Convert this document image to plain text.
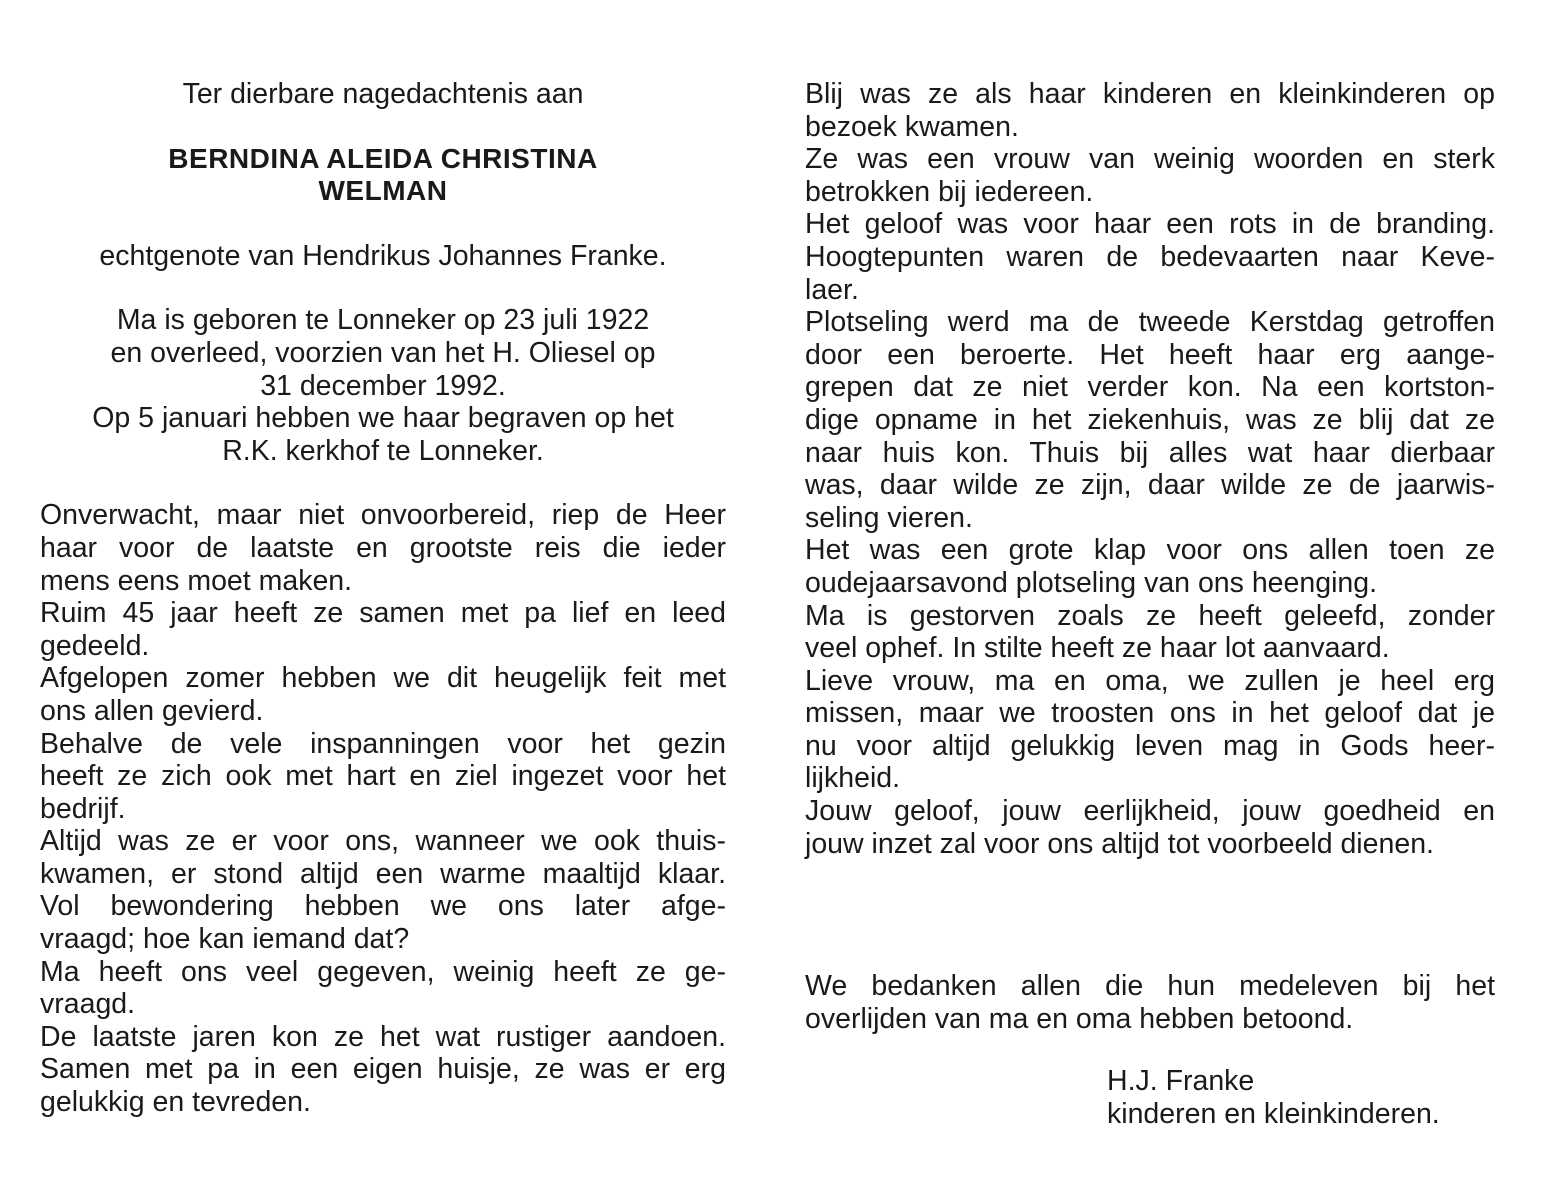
Ter dierbare nagedachtenis aan
BERNDINA ALEIDA CHRISTINA
WELMAN
echtgenote van Hendrikus Johannes Franke.
Ma is geboren te Lonneker op 23 juli 1922
en overleed, voorzien van het H. Oliesel op
31 december 1992.
Op 5 januari hebben we haar begraven op het
R.K. kerkhof te Lonneker.
Onverwacht, maar niet onvoorbereid, riep de Heer
haar voor de laatste en grootste reis die ieder
mens eens moet maken.
Ruim 45 jaar heeft ze samen met pa lief en leed
gedeeld.
Afgelopen zomer hebben we dit heugelijk feit met
ons allen gevierd.
Behalve de vele inspanningen voor het gezin
heeft ze zich ook met hart en ziel ingezet voor het
bedrijf.
Altijd was ze er voor ons, wanneer we ook thuis-
kwamen, er stond altijd een warme maaltijd klaar.
Vol bewondering hebben we ons later afge-
vraagd; hoe kan iemand dat?
Ma heeft ons veel gegeven, weinig heeft ze ge-
vraagd.
De laatste jaren kon ze het wat rustiger aandoen.
Samen met pa in een eigen huisje, ze was er erg
gelukkig en tevreden.
Blij was ze als haar kinderen en kleinkinderen op
bezoek kwamen.
Ze was een vrouw van weinig woorden en sterk
betrokken bij iedereen.
Het geloof was voor haar een rots in de branding.
Hoogtepunten waren de bedevaarten naar Keve-
laer.
Plotseling werd ma de tweede Kerstdag getroffen
door een beroerte. Het heeft haar erg aange-
grepen dat ze niet verder kon. Na een kortston-
dige opname in het ziekenhuis, was ze blij dat ze
naar huis kon. Thuis bij alles wat haar dierbaar
was, daar wilde ze zijn, daar wilde ze de jaarwis-
seling vieren.
Het was een grote klap voor ons allen toen ze
oudejaarsavond plotseling van ons heenging.
Ma is gestorven zoals ze heeft geleefd, zonder
veel ophef. In stilte heeft ze haar lot aanvaard.
Lieve vrouw, ma en oma, we zullen je heel erg
missen, maar we troosten ons in het geloof dat je
nu voor altijd gelukkig leven mag in Gods heer-
lijkheid.
Jouw geloof, jouw eerlijkheid, jouw goedheid en
jouw inzet zal voor ons altijd tot voorbeeld dienen.
We bedanken allen die hun medeleven bij het
overlijden van ma en oma hebben betoond.
H.J. Franke
kinderen en kleinkinderen.
